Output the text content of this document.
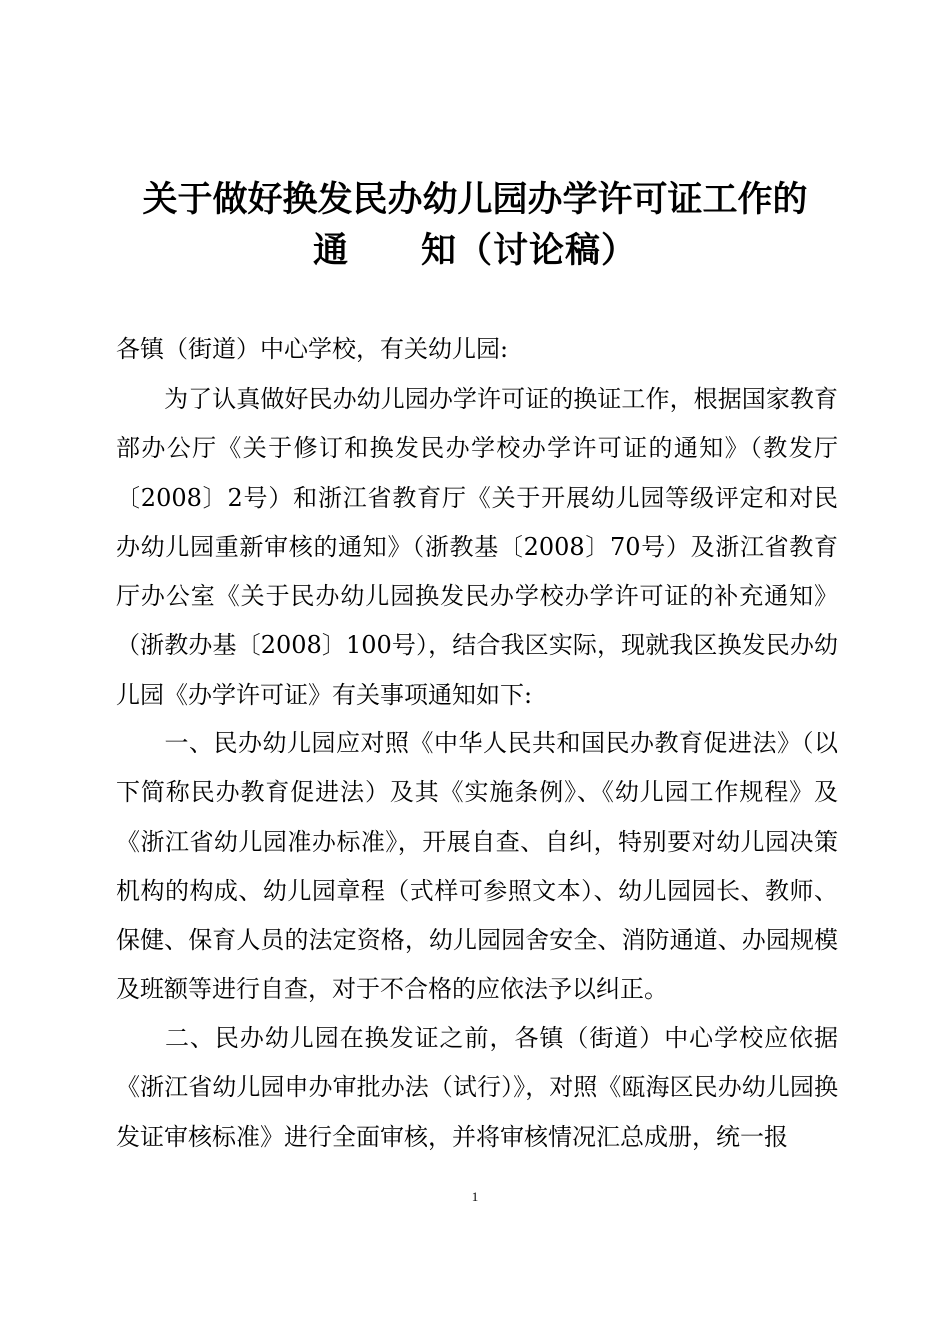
关于做好换发民办幼儿园办学许可证工作的
通　　知（讨论稿）
各镇（街道）中心学校，有关幼儿园:

为了认真做好民办幼儿园办学许可证的换证工作，根据国家教育部办公厅《关于修订和换发民办学校办学许可证的通知》（教发厅〔2008〕2号）和浙江省教育厅《关于开展幼儿园等级评定和对民办幼儿园重新审核的通知》（浙教基〔2008〕70号）及浙江省教育厅办公室《关于民办幼儿园换发民办学校办学许可证的补充通知》（浙教办基〔2008〕100号），结合我区实际，现就我区换发民办幼儿园《办学许可证》有关事项通知如下:

一、民办幼儿园应对照《中华人民共和国民办教育促进法》（以下简称民办教育促进法）及其《实施条例》、《幼儿园工作规程》及《浙江省幼儿园准办标准》，开展自查、自纠，特别要对幼儿园决策机构的构成、幼儿园章程（式样可参照文本）、幼儿园园长、教师、保健、保育人员的法定资格，幼儿园园舍安全、消防通道、办园规模及班额等进行自查，对于不合格的应依法予以纠正。

二、民办幼儿园在换发证之前，各镇（街道）中心学校应依据《浙江省幼儿园申办审批办法（试行）》，对照《瓯海区民办幼儿园换发证审核标准》进行全面审核，并将审核情况汇总成册，统一报

1
